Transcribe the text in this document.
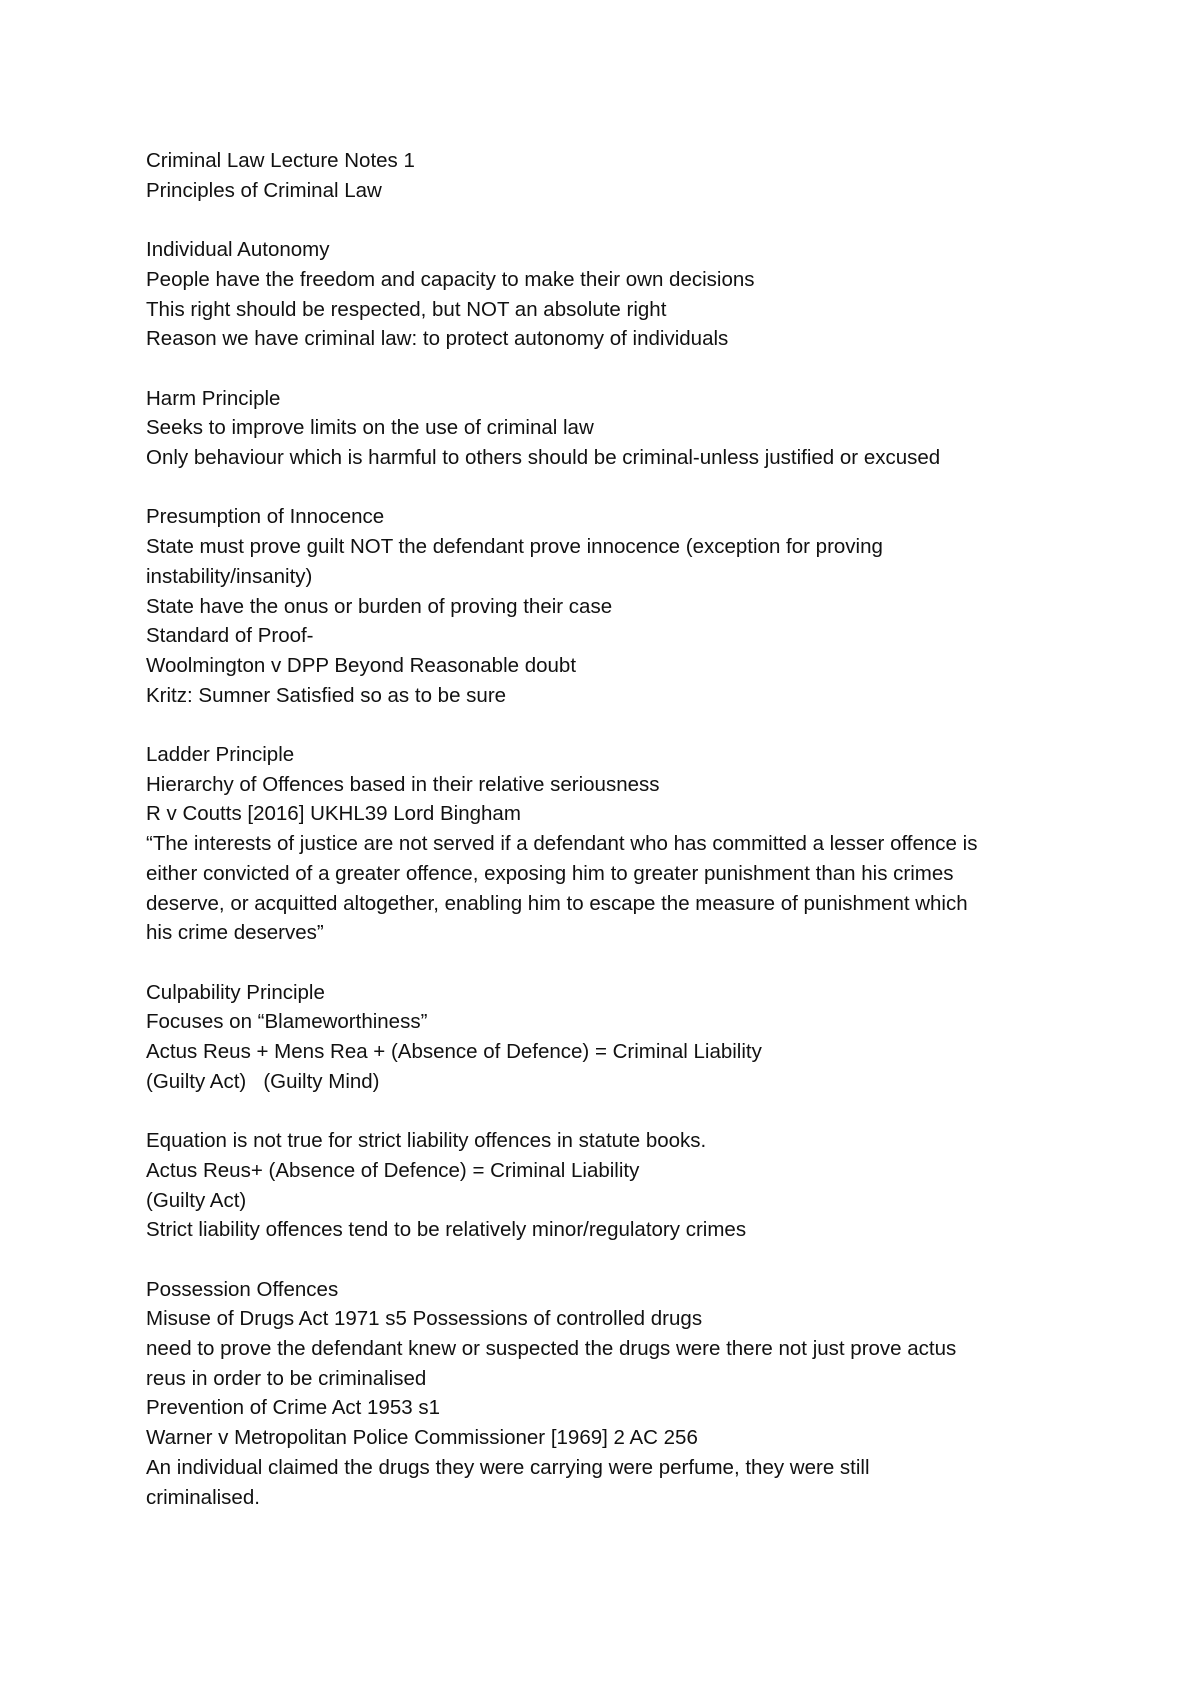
Criminal Law Lecture Notes 1
Principles of Criminal Law
Individual Autonomy
People have the freedom and capacity to make their own decisions
This right should be respected, but NOT an absolute right
Reason we have criminal law: to protect autonomy of individuals
Harm Principle
Seeks to improve limits on the use of criminal law
Only behaviour which is harmful to others should be criminal-unless justified or excused
Presumption of Innocence
State must prove guilt NOT the defendant prove innocence (exception for proving
instability/insanity)
State have the onus or burden of proving their case
Standard of Proof-
Woolmington v DPP Beyond Reasonable doubt
Kritz: Sumner Satisfied so as to be sure
Ladder Principle
Hierarchy of Offences based in their relative seriousness
R v Coutts [2016] UKHL39 Lord Bingham
“The interests of justice are not served if a defendant who has committed a lesser offence is
either convicted of a greater offence, exposing him to greater punishment than his crimes
deserve, or acquitted altogether, enabling him to escape the measure of punishment which
his crime deserves”
Culpability Principle
Focuses on “Blameworthiness”
Actus Reus + Mens Rea + (Absence of Defence) = Criminal Liability
(Guilty Act)   (Guilty Mind)
Equation is not true for strict liability offences in statute books.
Actus Reus+ (Absence of Defence) = Criminal Liability
(Guilty Act)
Strict liability offences tend to be relatively minor/regulatory crimes
Possession Offences
Misuse of Drugs Act 1971 s5 Possessions of controlled drugs
need to prove the defendant knew or suspected the drugs were there not just prove actus
reus in order to be criminalised
Prevention of Crime Act 1953 s1
Warner v Metropolitan Police Commissioner [1969] 2 AC 256
An individual claimed the drugs they were carrying were perfume, they were still
criminalised.
